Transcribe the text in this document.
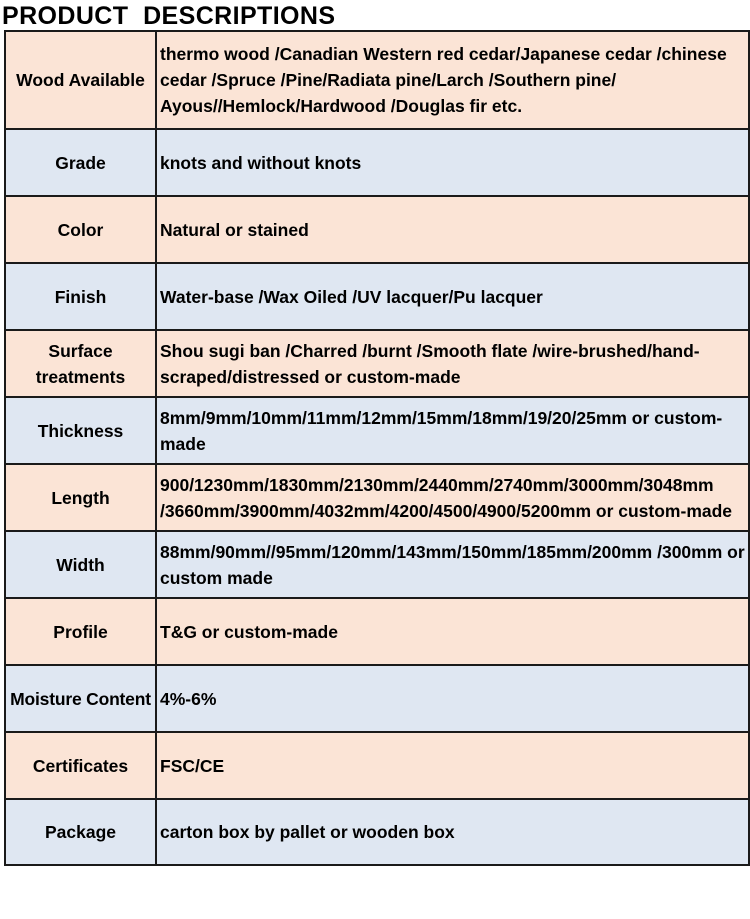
PRODUCT  DESCRIPTIONS
Wood Available	thermo wood /Canadian Western red cedar/Japanese cedar /chinese cedar /Spruce /Pine/Radiata pine/Larch /Southern pine/ Ayous//Hemlock/Hardwood /Douglas fir etc.

Grade	knots and without knots

Color	Natural or stained

Finish	Water-base /Wax Oiled /UV lacquer/Pu lacquer

Surface treatments	Shou sugi ban /Charred /burnt /Smooth flate /wire-brushed/hand-scraped/distressed or custom-made

Thickness	8mm/9mm/10mm/11mm/12mm/15mm/18mm/19/20/25mm or custom-made

Length	900/1230mm/1830mm/2130mm/2440mm/2740mm/3000mm/3048mm /3660mm/3900mm/4032mm/4200/4500/4900/5200mm or custom-made

Width	88mm/90mm//95mm/120mm/143mm/150mm/185mm/200mm /300mm or custom made

Profile	T&G or custom-made

Moisture Content	4%-6%

Certificates	FSC/CE

Package	carton box by pallet or wooden box
